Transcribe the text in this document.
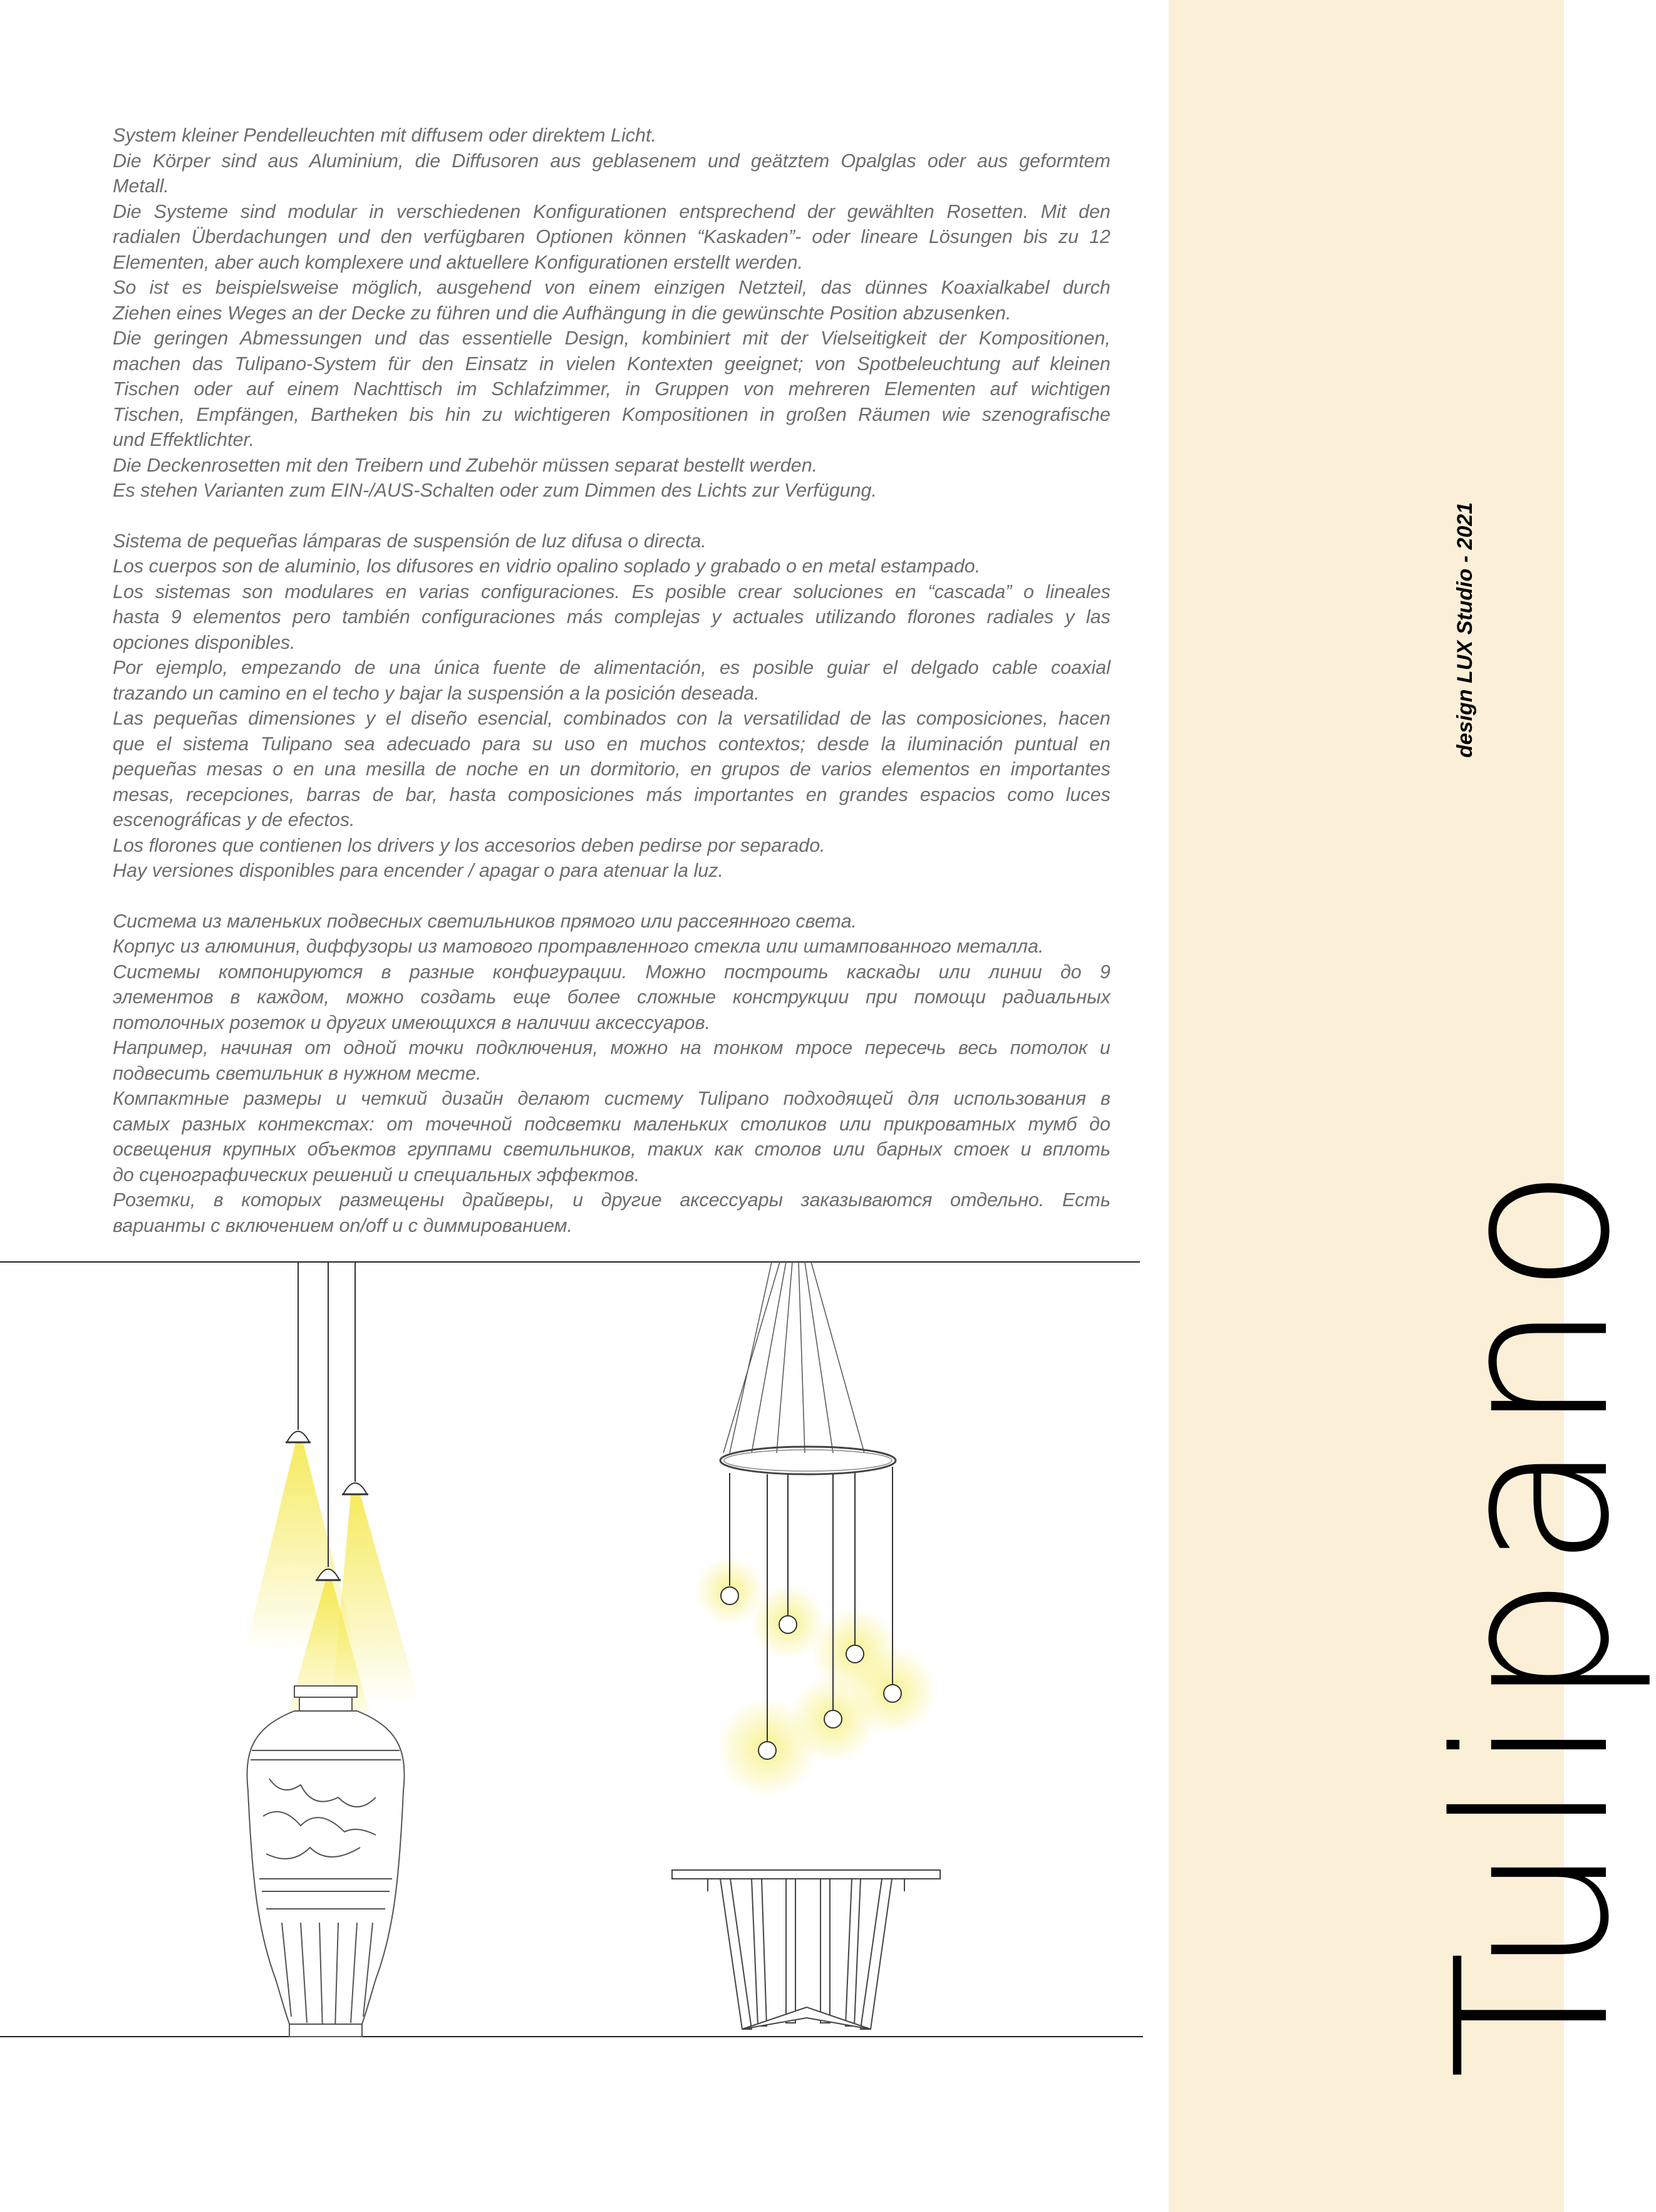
System kleiner Pendelleuchten mit diffusem oder direktem Licht.
Die Körper sind aus Aluminium, die Diffusoren aus geblasenem und geätztem Opalglas oder aus geformtem
Metall.
Die Systeme sind modular in verschiedenen Konfigurationen entsprechend der gewählten Rosetten. Mit den
radialen Überdachungen und den verfügbaren Optionen können “Kaskaden”- oder lineare Lösungen bis zu 12
Elementen, aber auch komplexere und aktuellere Konfigurationen erstellt werden.
So ist es beispielsweise möglich, ausgehend von einem einzigen Netzteil, das dünnes Koaxialkabel durch
Ziehen eines Weges an der Decke zu führen und die Aufhängung in die gewünschte Position abzusenken.
Die geringen Abmessungen und das essentielle Design, kombiniert mit der Vielseitigkeit der Kompositionen,
machen das Tulipano-System für den Einsatz in vielen Kontexten geeignet; von Spotbeleuchtung auf kleinen
Tischen oder auf einem Nachttisch im Schlafzimmer, in Gruppen von mehreren Elementen auf wichtigen
Tischen, Empfängen, Bartheken bis hin zu wichtigeren Kompositionen in großen Räumen wie szenografische
und Effektlichter.
Die Deckenrosetten mit den Treibern und Zubehör müssen separat bestellt werden.
Es stehen Varianten zum EIN-/AUS-Schalten oder zum Dimmen des Lichts zur Verfügung.
Sistema de pequeñas lámparas de suspensión de luz difusa o directa.
Los cuerpos son de aluminio, los difusores en vidrio opalino soplado y grabado o en metal estampado.
Los sistemas son modulares en varias configuraciones. Es posible crear soluciones en “cascada” o lineales
hasta 9 elementos pero también configuraciones más complejas y actuales utilizando florones radiales y las
opciones disponibles.
Por ejemplo, empezando de una única fuente de alimentación, es posible guiar el delgado cable coaxial
trazando un camino en el techo y bajar la suspensión a la posición deseada.
Las pequeñas dimensiones y el diseño esencial, combinados con la versatilidad de las composiciones, hacen
que el sistema Tulipano sea adecuado para su uso en muchos contextos; desde la iluminación puntual en
pequeñas mesas o en una mesilla de noche en un dormitorio, en grupos de varios elementos en importantes
mesas, recepciones, barras de bar, hasta composiciones más importantes en grandes espacios como luces
escenográficas y de efectos.
Los florones que contienen los drivers y los accesorios deben pedirse por separado.
Hay versiones disponibles para encender / apagar o para atenuar la luz.
Система из маленьких подвесных светильников прямого или рассеянного света.
Корпус из алюминия, диффузоры из матового протравленного стекла или штампованного металла.
Системы компонируются в разные конфигурации. Можно построить каскады или линии до 9
элементов в каждом, можно создать еще более сложные конструкции при помощи радиальных
потолочных розеток и других имеющихся в наличии аксессуаров.
Например, начиная от одной точки подключения, можно на тонком тросе пересечь весь потолок и
подвесить светильник в нужном месте.
Компактные размеры и четкий дизайн делают систему Tulipano подходящей для использования в
самых разных контекстах: от точечной подсветки маленьких столиков или прикроватных тумб до
освещения крупных объектов группами светильников, таких как столов или барных стоек и вплоть
до сценографических решений и специальных эффектов.
Розетки, в которых размещены драйверы, и другие аксессуары заказываются отдельно. Есть
варианты с включением on/off и с диммированием.	Tulipano
design LUX Studio - 2021
